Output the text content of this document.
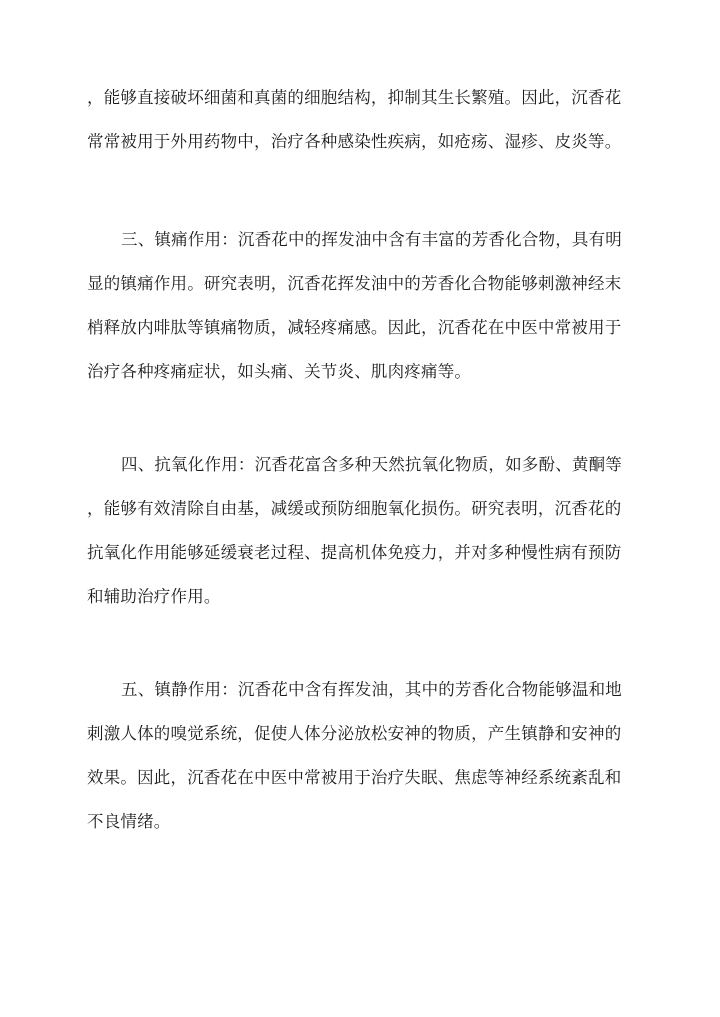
，能够直接破坏细菌和真菌的细胞结构，抑制其生长繁殖。因此，沉香花
常常被用于外用药物中，治疗各种感染性疾病，如疮疡、湿疹、皮炎等。
三、镇痛作用：沉香花中的挥发油中含有丰富的芳香化合物，具有明
显的镇痛作用。研究表明，沉香花挥发油中的芳香化合物能够刺激神经末
梢释放内啡肽等镇痛物质，减轻疼痛感。因此，沉香花在中医中常被用于
治疗各种疼痛症状，如头痛、关节炎、肌肉疼痛等。
四、抗氧化作用：沉香花富含多种天然抗氧化物质，如多酚、黄酮等
，能够有效清除自由基，减缓或预防细胞氧化损伤。研究表明，沉香花的
抗氧化作用能够延缓衰老过程、提高机体免疫力，并对多种慢性病有预防
和辅助治疗作用。
五、镇静作用：沉香花中含有挥发油，其中的芳香化合物能够温和地
刺激人体的嗅觉系统，促使人体分泌放松安神的物质，产生镇静和安神的
效果。因此，沉香花在中医中常被用于治疗失眠、焦虑等神经系统紊乱和
不良情绪。
